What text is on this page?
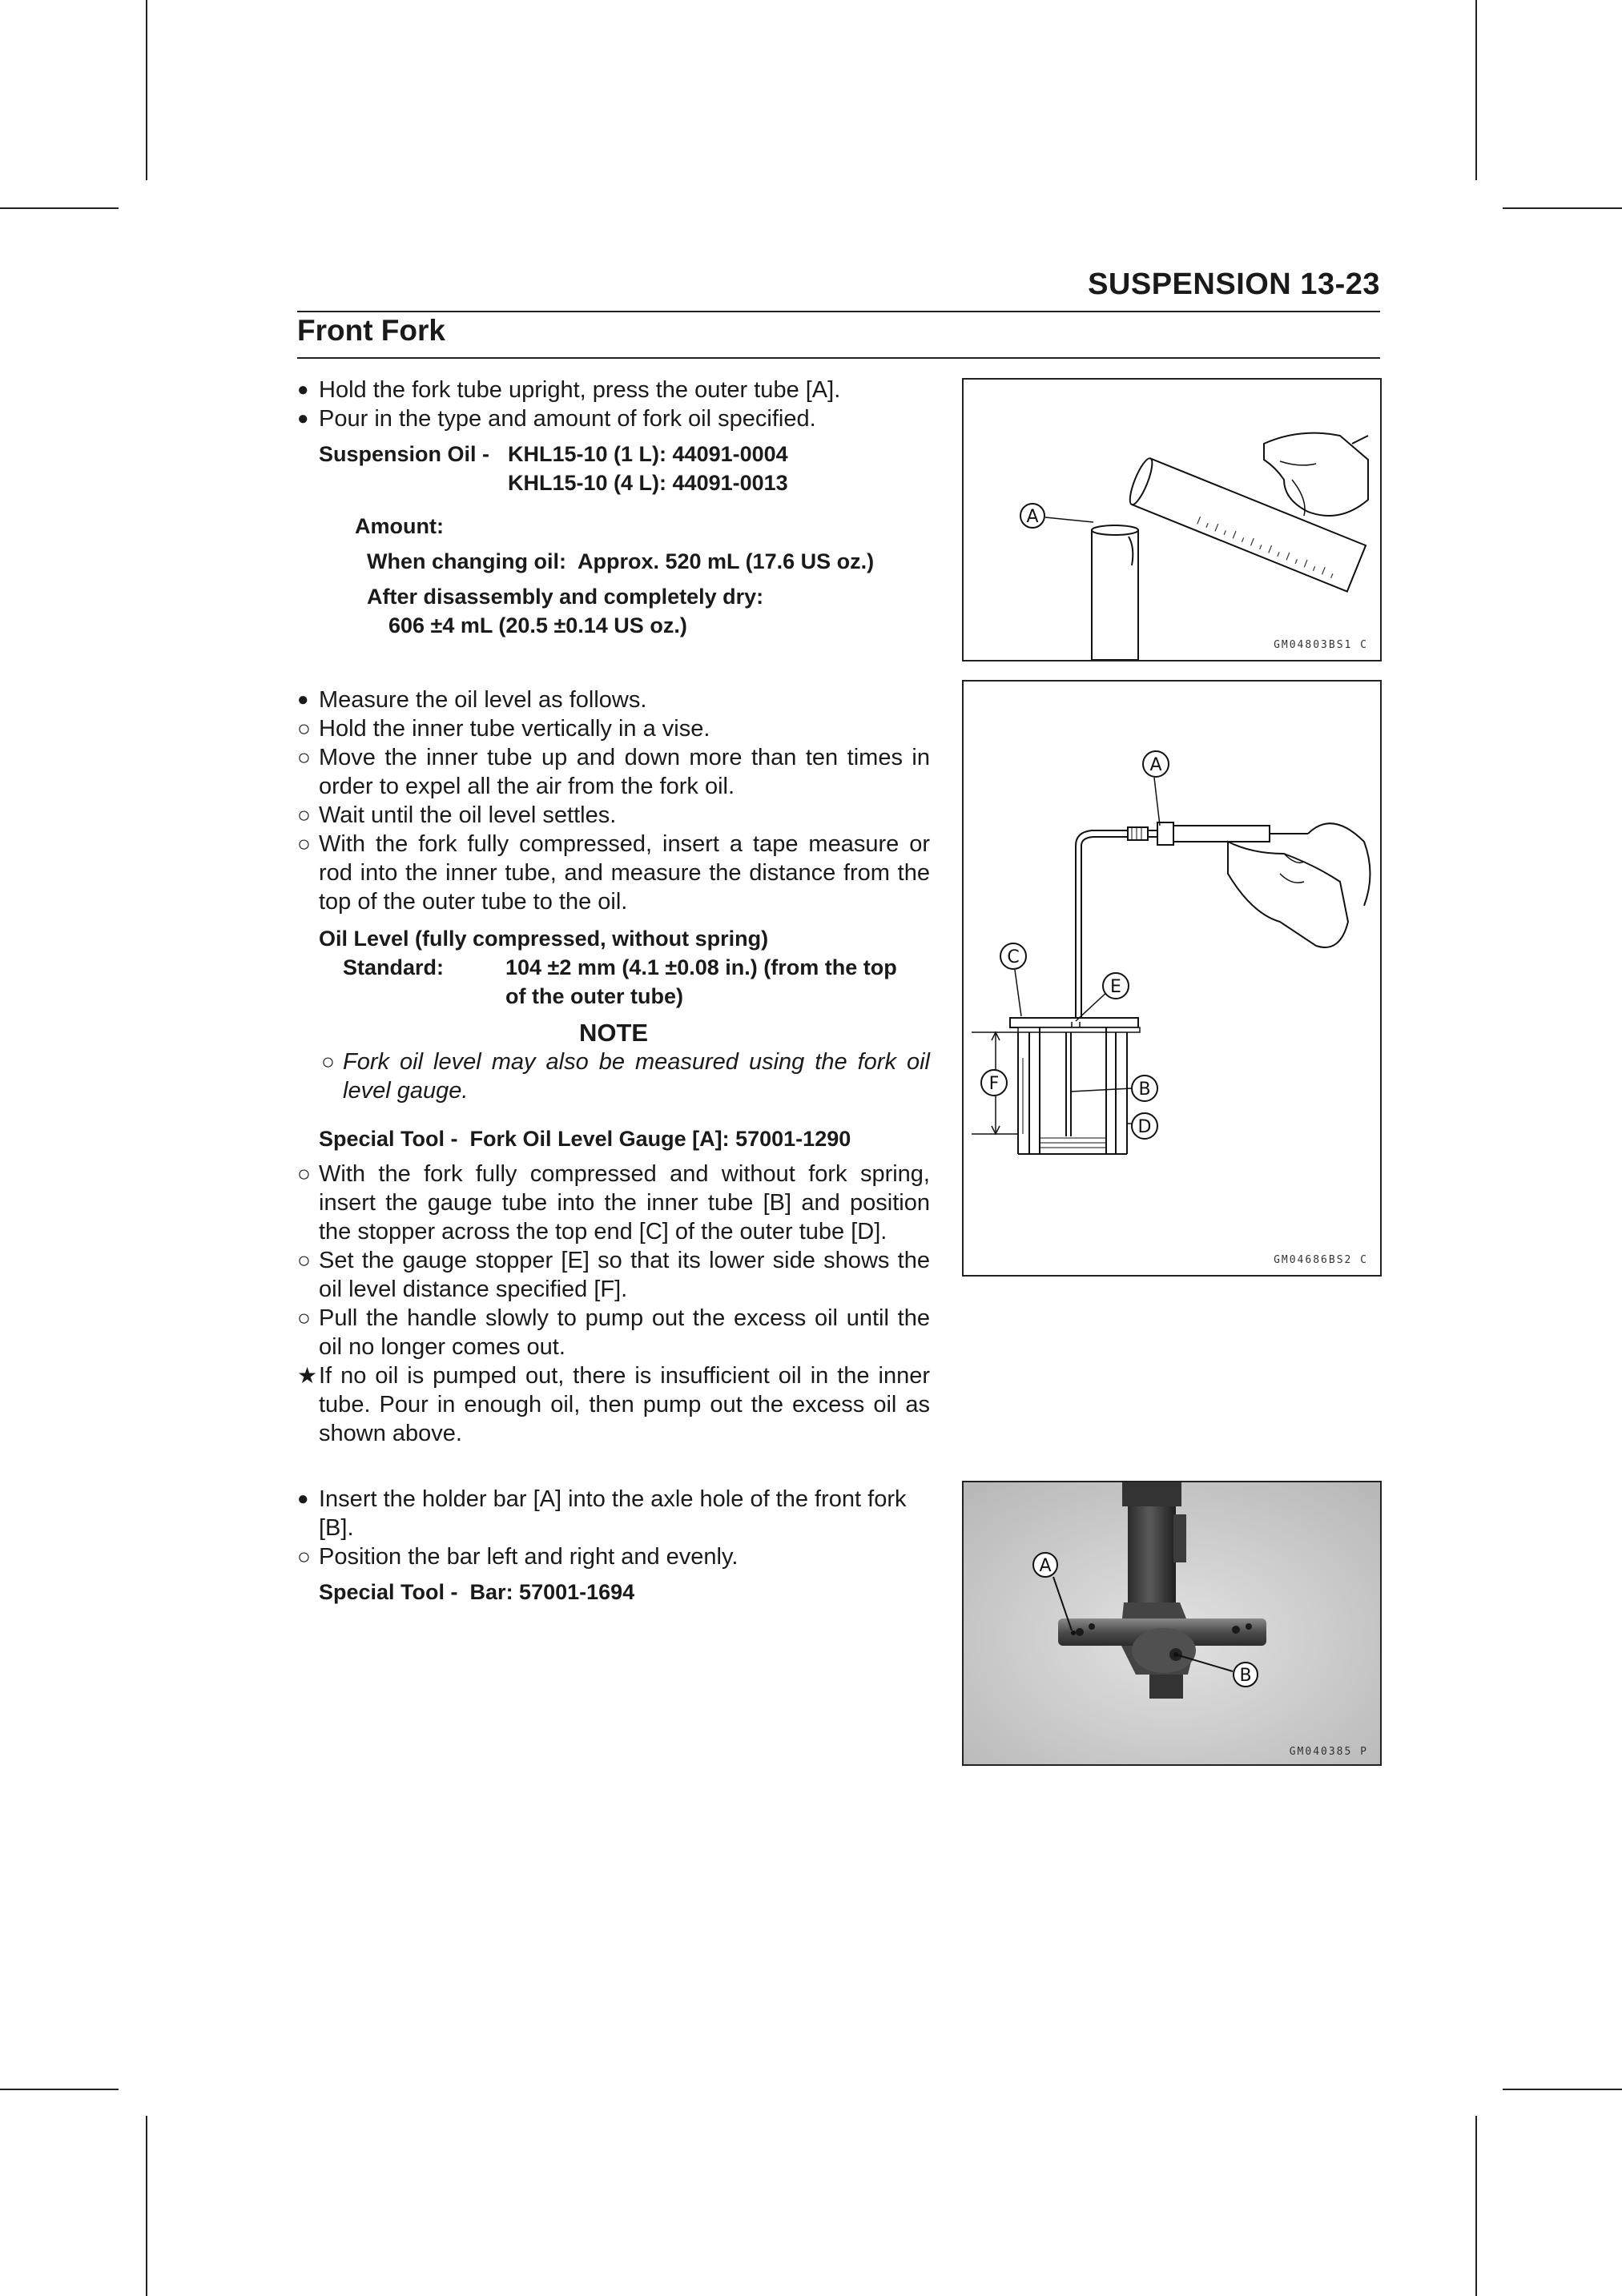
SUSPENSION 13-23
Front Fork

● Hold the fork tube upright, press the outer tube [A].

● Pour in the type and amount of fork oil specified.

Suspension Oil - KHL15-10 (1 L): 44091-0004
KHL15-10 (4 L): 44091-0013
Amount:
When changing oil: Approx. 520 mL (17.6 US oz.)
After disassembly and completely dry:
606 ±4 mL (20.5 ±0.14 US oz.)

● Measure the oil level as follows.

○ Hold the inner tube vertically in a vise.

○ Move the inner tube up and down more than ten times in order to expel all the air from the fork oil.

○ Wait until the oil level settles.

○ With the fork fully compressed, insert a tape measure or rod into the inner tube, and measure the distance from the top of the outer tube to the oil.

Oil Level (fully compressed, without spring)
Standard:	104 ±2 mm (4.1 ±0.08 in.) (from the top of the outer tube)
NOTE

○ Fork oil level may also be measured using the fork oil level gauge.

Special Tool - Fork Oil Level Gauge [A]: 57001-1290

○ With the fork fully compressed and without fork spring, insert the gauge tube into the inner tube [B] and position the stopper across the top end [C] of the outer tube [D].

○ Set the gauge stopper [E] so that its lower side shows the oil level distance specified [F].

○ Pull the handle slowly to pump out the excess oil until the oil no longer comes out.

★ If no oil is pumped out, there is insufficient oil in the inner tube. Pour in enough oil, then pump out the excess oil as shown above.

● Insert the holder bar [A] into the axle hole of the front fork [B].

○ Position the bar left and right and evenly.

Special Tool - Bar: 57001-1694
A
GM04803BS1 C
A
C
E
F	B
D
GM04686BS2 C
A
B
GM040385 P
